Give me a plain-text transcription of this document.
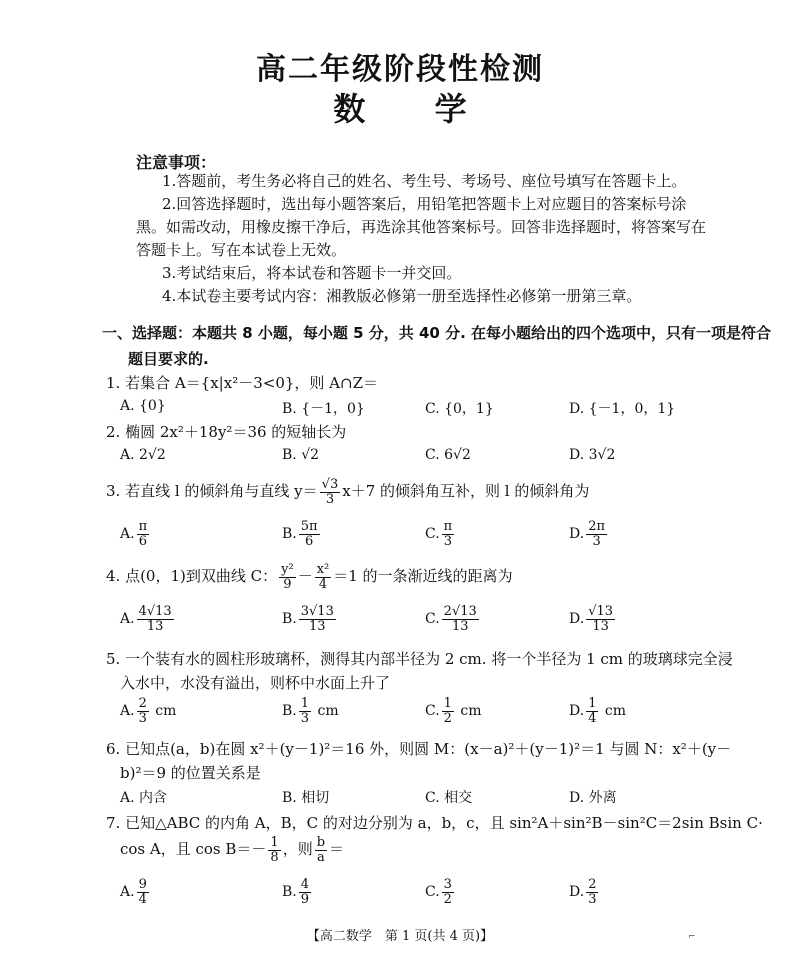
高二年级阶段性检测
数 学
注意事项：
1.答题前，考生务必将自己的姓名、考生号、考场号、座位号填写在答题卡上。
2.回答选择题时，选出每小题答案后，用铅笔把答题卡上对应题目的答案标号涂
黑。如需改动，用橡皮擦干净后，再选涂其他答案标号。回答非选择题时，将答案写在
答题卡上。写在本试卷上无效。
3.考试结束后，将本试卷和答题卡一并交回。
4.本试卷主要考试内容：湘教版必修第一册至选择性必修第一册第三章。
一、选择题：本题共 8 小题，每小题 5 分，共 40 分. 在每小题给出的四个选项中，只有一项是符合
题目要求的.
1. 若集合 A＝{x|x²－3<0}，则 A∩Z＝
A. {0}	B. {－1，0}	C. {0，1}	D. {－1，0，1}
2. 椭圆 2x²＋18y²＝36 的短轴长为
A. 2√2	B. √2	C. 6√2	D. 3√2
3. 若直线 l 的倾斜角与直线 $y= \frac{√3}{3} x+7$ 的倾斜角互补，则 l 的倾斜角为
A. $\frac{\pi}{6}$	B. $\frac{5\pi}{6}$	C. $\frac{\pi}{3}$	D. $\frac{2\pi}{3}$
4. 点(0，1)到双曲线 C： $\frac{\text{y²}}{9} - \frac{\text{x²}}{4} =1$ 的一条渐近线的距离为
A. $\frac{4√13}{13}$	B. $\frac{3√13}{13}$	C. $\frac{2√13}{13}$	D. $\frac{√13}{13}$
5. 一个装有水的圆柱形玻璃杯，测得其内部半径为 2 cm. 将一个半径为 1 cm 的玻璃球完全浸
入水中，水没有溢出，则杯中水面上升了
A. $\frac{2}{3}$ cm	B. $\frac{1}{3}$ cm	C. $\frac{1}{2}$ cm	D. $\frac{1}{4}$ cm
6. 已知点(a，b)在圆 x²＋(y－1)²＝16 外，则圆 M：(x－a)²＋(y－1)²＝1 与圆 N：x²＋(y－
b)²＝9 的位置关系是
A. 内含	B. 相切	C. 相交	D. 外离
7. 已知△ABC 的内角 A，B，C 的对边分别为 a，b，c，且 sin²A＋sin²B－sin²C＝2sin Bsin C·
cos A，且 $\cos B=- \frac{1}{8}$ ，则 $\frac{b}{a}$ ＝
A. $\frac{9}{4}$	B. $\frac{4}{9}$	C. $\frac{3}{2}$	D. $\frac{2}{3}$
【高二数学　第 1 页(共 4 页)】	⌐
